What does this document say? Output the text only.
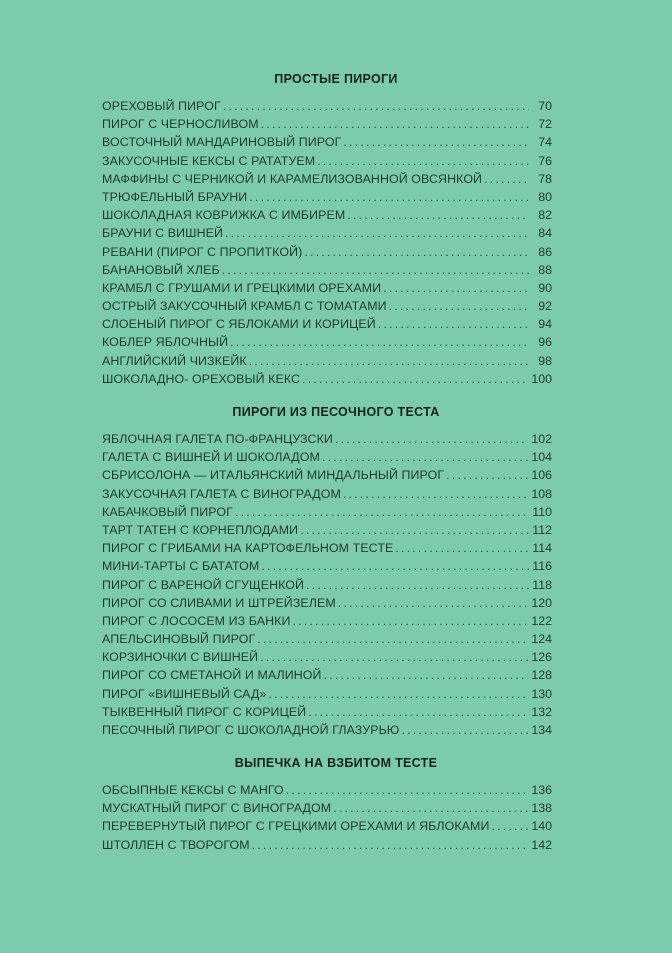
ПРОСТЫЕ ПИРОГИ
ОРЕХОВЫЙ ПИРОГ .....	70
ПИРОГ С ЧЕРНОСЛИВОМ .....	72
ВОСТОЧНЫЙ МАНДАРИНОВЫЙ ПИРОГ .....	74
ЗАКУСОЧНЫЕ КЕКСЫ С РАТАТУЕМ .....	76
МАФФИНЫ С ЧЕРНИКОЙ И КАРАМЕЛИЗОВАННОЙ ОВСЯНКОЙ .....	78
ТРЮФЕЛЬНЫЙ БРАУНИ .....	80
ШОКОЛАДНАЯ КОВРИЖКА С ИМБИРЕМ .....	82
БРАУНИ С ВИШНЕЙ .....	84
РЕВАНИ (ПИРОГ С ПРОПИТКОЙ) .....	86
БАНАНОВЫЙ ХЛЕБ .....	88
КРАМБЛ С ГРУШАМИ И ГРЕЦКИМИ ОРЕХАМИ .....	90
ОСТРЫЙ ЗАКУСОЧНЫЙ КРАМБЛ С ТОМАТАМИ .....	92
СЛОЕНЫЙ ПИРОГ С ЯБЛОКАМИ И КОРИЦЕЙ .....	94
КОБЛЕР ЯБЛОЧНЫЙ .....	96
АНГЛИЙСКИЙ ЧИЗКЕЙК .....	98
ШОКОЛАДНО- ОРЕХОВЫЙ КЕКС .....	100
ПИРОГИ ИЗ ПЕСОЧНОГО ТЕСТА
ЯБЛОЧНАЯ ГАЛЕТА ПО-ФРАНЦУЗСКИ .....	102
ГАЛЕТА С ВИШНЕЙ И ШОКОЛАДОМ .....	104
СБРИСОЛОНА — ИТАЛЬЯНСКИЙ МИНДАЛЬНЫЙ ПИРОГ .....	106
ЗАКУСОЧНАЯ ГАЛЕТА С ВИНОГРАДОМ .....	108
КАБАЧКОВЫЙ ПИРОГ .....	110
ТАРТ ТАТЕН С КОРНЕПЛОДАМИ .....	112
ПИРОГ С ГРИБАМИ НА КАРТОФЕЛЬНОМ ТЕСТЕ .....	114
МИНИ-ТАРТЫ С БАТАТОМ .....	116
ПИРОГ С ВАРЕНОЙ СГУЩЕНКОЙ .....	118
ПИРОГ СО СЛИВАМИ И ШТРЕЙЗЕЛЕМ .....	120
ПИРОГ С ЛОСОСЕМ ИЗ БАНКИ .....	122
АПЕЛЬСИНОВЫЙ ПИРОГ .....	124
КОРЗИНОЧКИ С ВИШНЕЙ .....	126
ПИРОГ СО СМЕТАНОЙ И МАЛИНОЙ .....	128
ПИРОГ «ВИШНЕВЫЙ САД» .....	130
ТЫКВЕННЫЙ ПИРОГ С КОРИЦЕЙ .....	132
ПЕСОЧНЫЙ ПИРОГ С ШОКОЛАДНОЙ ГЛАЗУРЬЮ .....	134
ВЫПЕЧКА НА ВЗБИТОМ ТЕСТЕ
ОБСЫПНЫЕ КЕКСЫ С МАНГО .....	136
МУСКАТНЫЙ ПИРОГ С ВИНОГРАДОМ .....	138
ПЕРЕВЕРНУТЫЙ ПИРОГ С ГРЕЦКИМИ ОРЕХАМИ И ЯБЛОКАМИ .....	140
ШТОЛЛЕН С ТВОРОГОМ .....	142
